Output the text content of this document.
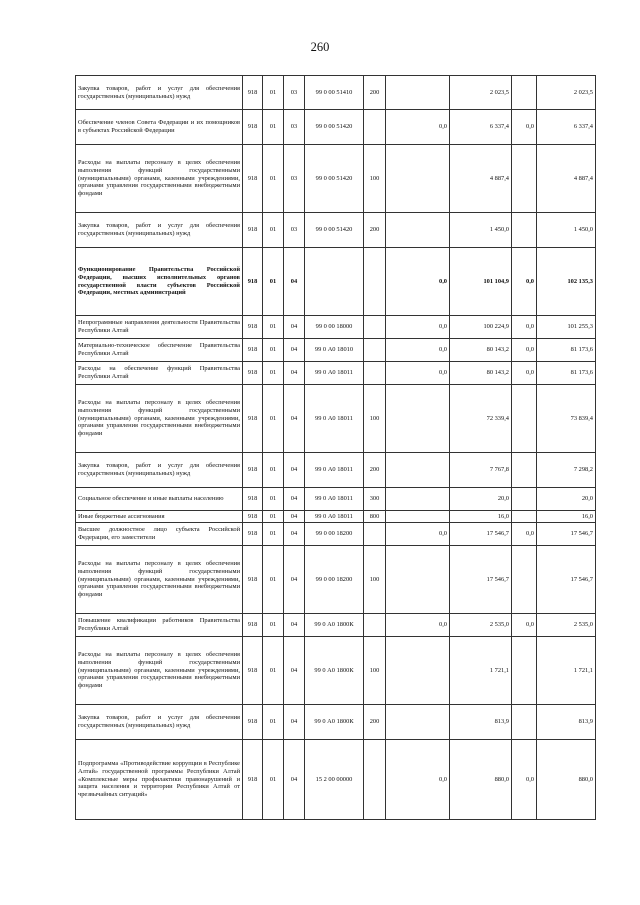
260
Закупка товаров, работ и услуг для обеспечения государственных (муниципальных) нужд	918	01	03	99 0 00 51410	200		2 023,5		2 023,5
Обеспечение членов Совета Федерации и их помощников в субъектах Российской Федерации	918	01	03	99 0 00 51420		0,0	6 337,4	0,0	6 337,4
Расходы на выплаты персоналу в целях обеспечения выполнения функций государственными (муниципальными) органами, казенными учреждениями, органами управления государственными внебюджетными фондами	918	01	03	99 0 00 51420	100		4 887,4		4 887,4
Закупка товаров, работ и услуг для обеспечения государственных (муниципальных) нужд	918	01	03	99 0 00 51420	200		1 450,0		1 450,0
Функционирование Правительства Российской Федерации, высших исполнительных органов государственной власти субъектов Российской Федерации, местных администраций	918	01	04			0,0	101 104,9	0,0	102 135,3
Непрограммные направления деятельности Правительства Республики Алтай	918	01	04	99 0 00 18000		0,0	100 224,9	0,0	101 255,3
Материально-техническое обеспечение Правительства Республики Алтай	918	01	04	99 0 А0 18010		0,0	80 143,2	0,0	81 173,6
Расходы на обеспечение функций Правительства Республики Алтай	918	01	04	99 0 А0 18011		0,0	80 143,2	0,0	81 173,6
Расходы на выплаты персоналу в целях обеспечения выполнения функций государственными (муниципальными) органами, казенными учреждениями, органами управления государственными внебюджетными фондами	918	01	04	99 0 А0 18011	100		72 339,4		73 839,4
Закупка товаров, работ и услуг для обеспечения государственных (муниципальных) нужд	918	01	04	99 0 А0 18011	200		7 767,8		7 298,2
Социальное обеспечение и иные выплаты населению	918	01	04	99 0 А0 18011	300		20,0		20,0
Иные бюджетные ассигнования	918	01	04	99 0 А0 18011	800		16,0		16,0
Высшее должностное лицо субъекта Российской Федерации, его заместители	918	01	04	99 0 00 18200		0,0	17 546,7	0,0	17 546,7
Расходы на выплаты персоналу в целях обеспечения выполнения функций государственными (муниципальными) органами, казенными учреждениями, органами управления государственными внебюджетными фондами	918	01	04	99 0 00 18200	100		17 546,7		17 546,7
Повышение квалификации работников Правительства Республики Алтай	918	01	04	99 0 А0 1800К		0,0	2 535,0	0,0	2 535,0
Расходы на выплаты персоналу в целях обеспечения выполнения функций государственными (муниципальными) органами, казенными учреждениями, органами управления государственными внебюджетными фондами	918	01	04	99 0 А0 1800К	100		1 721,1		1 721,1
Закупка товаров, работ и услуг для обеспечения государственных (муниципальных) нужд	918	01	04	99 0 А0 1800К	200		813,9		813,9
Подпрограмма «Противодействие коррупции в Республике Алтай» государственной программы Республики Алтай «Комплексные меры профилактики правонарушений и защита населения и территории Республики Алтай от чрезвычайных ситуаций»	918	01	04	15 2 00 00000		0,0	880,0	0,0	880,0
